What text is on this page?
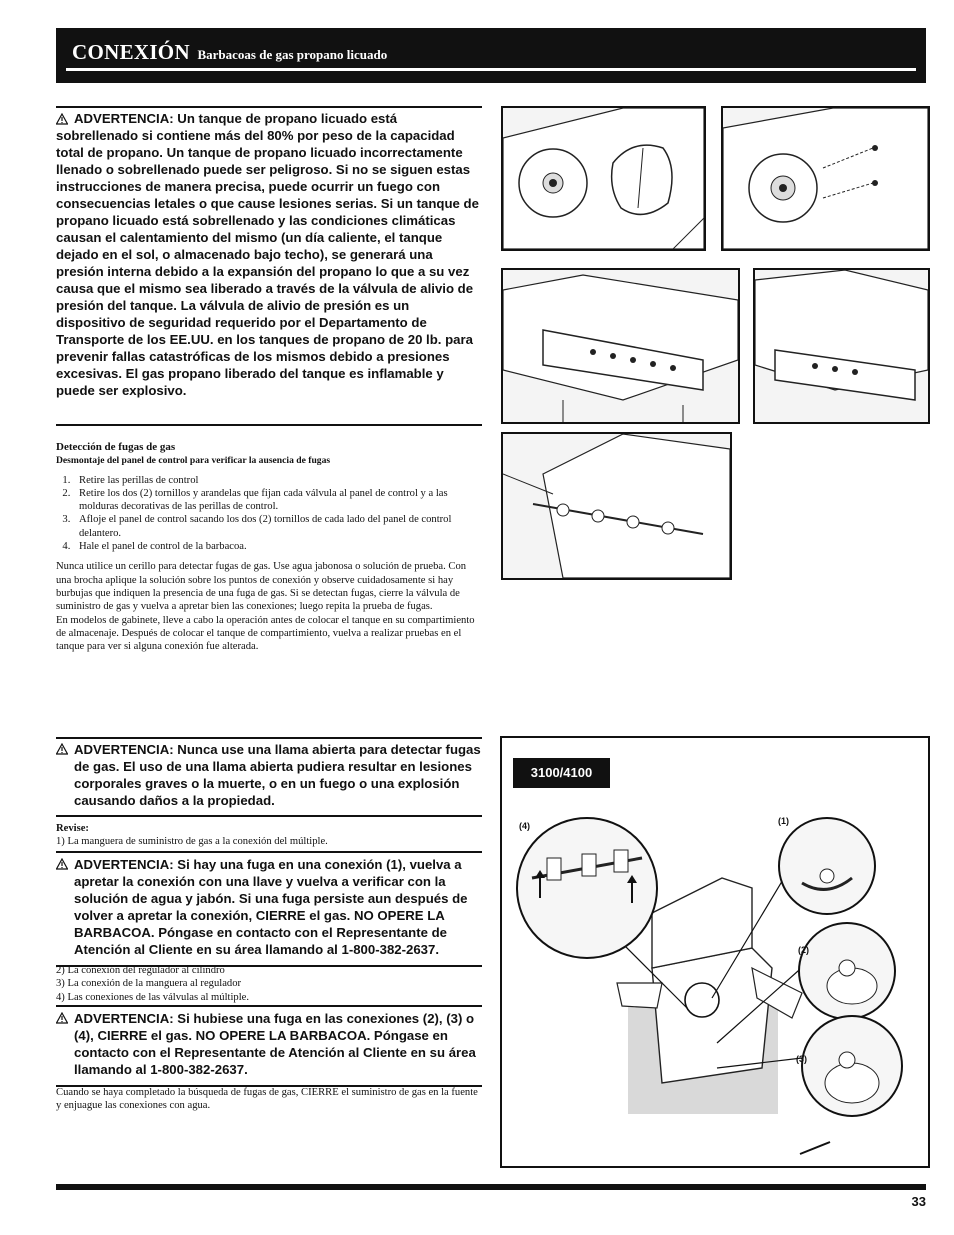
CONEXIÓN Barbacoas de gas propano licuado
ADVERTENCIA: Un tanque de propano licuado está sobrellenado si contiene más del 80% por peso de la capacidad total de propano. Un tanque de propano licuado incorrectamente llenado o sobrellenado puede ser peligroso. Si no se siguen estas instrucciones de manera precisa, puede ocurrir un fuego con consecuencias letales o que cause lesiones serias. Si un tanque de propano licuado está sobrellenado y las condiciones climáticas causan el calentamiento del mismo (un día caliente, el tanque dejado en el sol, o almacenado bajo techo), se generará una presión interna debido a la expansión del propano lo que a su vez causa que el mismo sea liberado a través de la válvula de alivio de presión del tanque. La válvula de alivio de presión es un dispositivo de seguridad requerido por el Departamento de Transporte de los EE.UU. en los tanques de propano de 20 lb. para prevenir fallas catastróficas de los mismos debido a presiones excesivas. El gas propano liberado del tanque es inflamable y puede ser explosivo.
Detección de fugas de gas
Desmontaje del panel de control para verificar la ausencia de fugas
1. Retire las perillas de control
2. Retire los dos (2) tornillos y arandelas que fijan cada válvula al panel de control y a las molduras decorativas de las perillas de control.
3. Afloje el panel de control sacando los dos (2) tornillos de cada lado del panel de control delantero.
4. Hale el panel de control de la barbacoa.
Nunca utilice un cerillo para detectar fugas de gas. Use agua jabonosa o solución de prueba. Con una brocha aplique la solución sobre los puntos de conexión y observe cuidadosamente si hay burbujas que indiquen la presencia de una fuga de gas. Si se detectan fugas, cierre la válvula de suministro de gas y vuelva a apretar bien las conexiones; luego repita la prueba de fugas.
En modelos de gabinete, lleve a cabo la operación antes de colocar el tanque en su compartimiento de almacenaje. Después de colocar el tanque de compartimiento, vuelva a realizar pruebas en el tanque para ver si alguna conexión fue alterada.
ADVERTENCIA: Nunca use una llama abierta para detectar fugas de gas. El uso de una llama abierta pudiera resultar en lesiones corporales graves o la muerte, o en un fuego o una explosión causando daños a la propiedad.
Revise:
1) La manguera de suministro de gas a la conexión del múltiple.
ADVERTENCIA: Si hay una fuga en una conexión (1), vuelva a apretar la conexión con una llave y vuelva a verificar con la solución de agua y jabón. Si una fuga persiste aun después de volver a apretar la conexión, CIERRE el gas. NO OPERE LA BARBACOA. Póngase en contacto con el Representante de Atención al Cliente en su área llamando al 1-800-382-2637.
2) La conexión del regulador al cilindro
3) La conexión de la manguera al regulador
4) Las conexiones de las válvulas al múltiple.
ADVERTENCIA: Si hubiese una fuga en las conexiones (2), (3) o (4), CIERRE el gas. NO OPERE LA BARBACOA. Póngase en contacto con el Representante de Atención al Cliente en su área llamando al 1-800-382-2637.
Cuando se haya completado la búsqueda de fugas de gas, CIERRE el suministro de gas en la fuente y enjuague las conexiones con agua.
(4)	(1)
(2)
(3)
3100/4100
33
